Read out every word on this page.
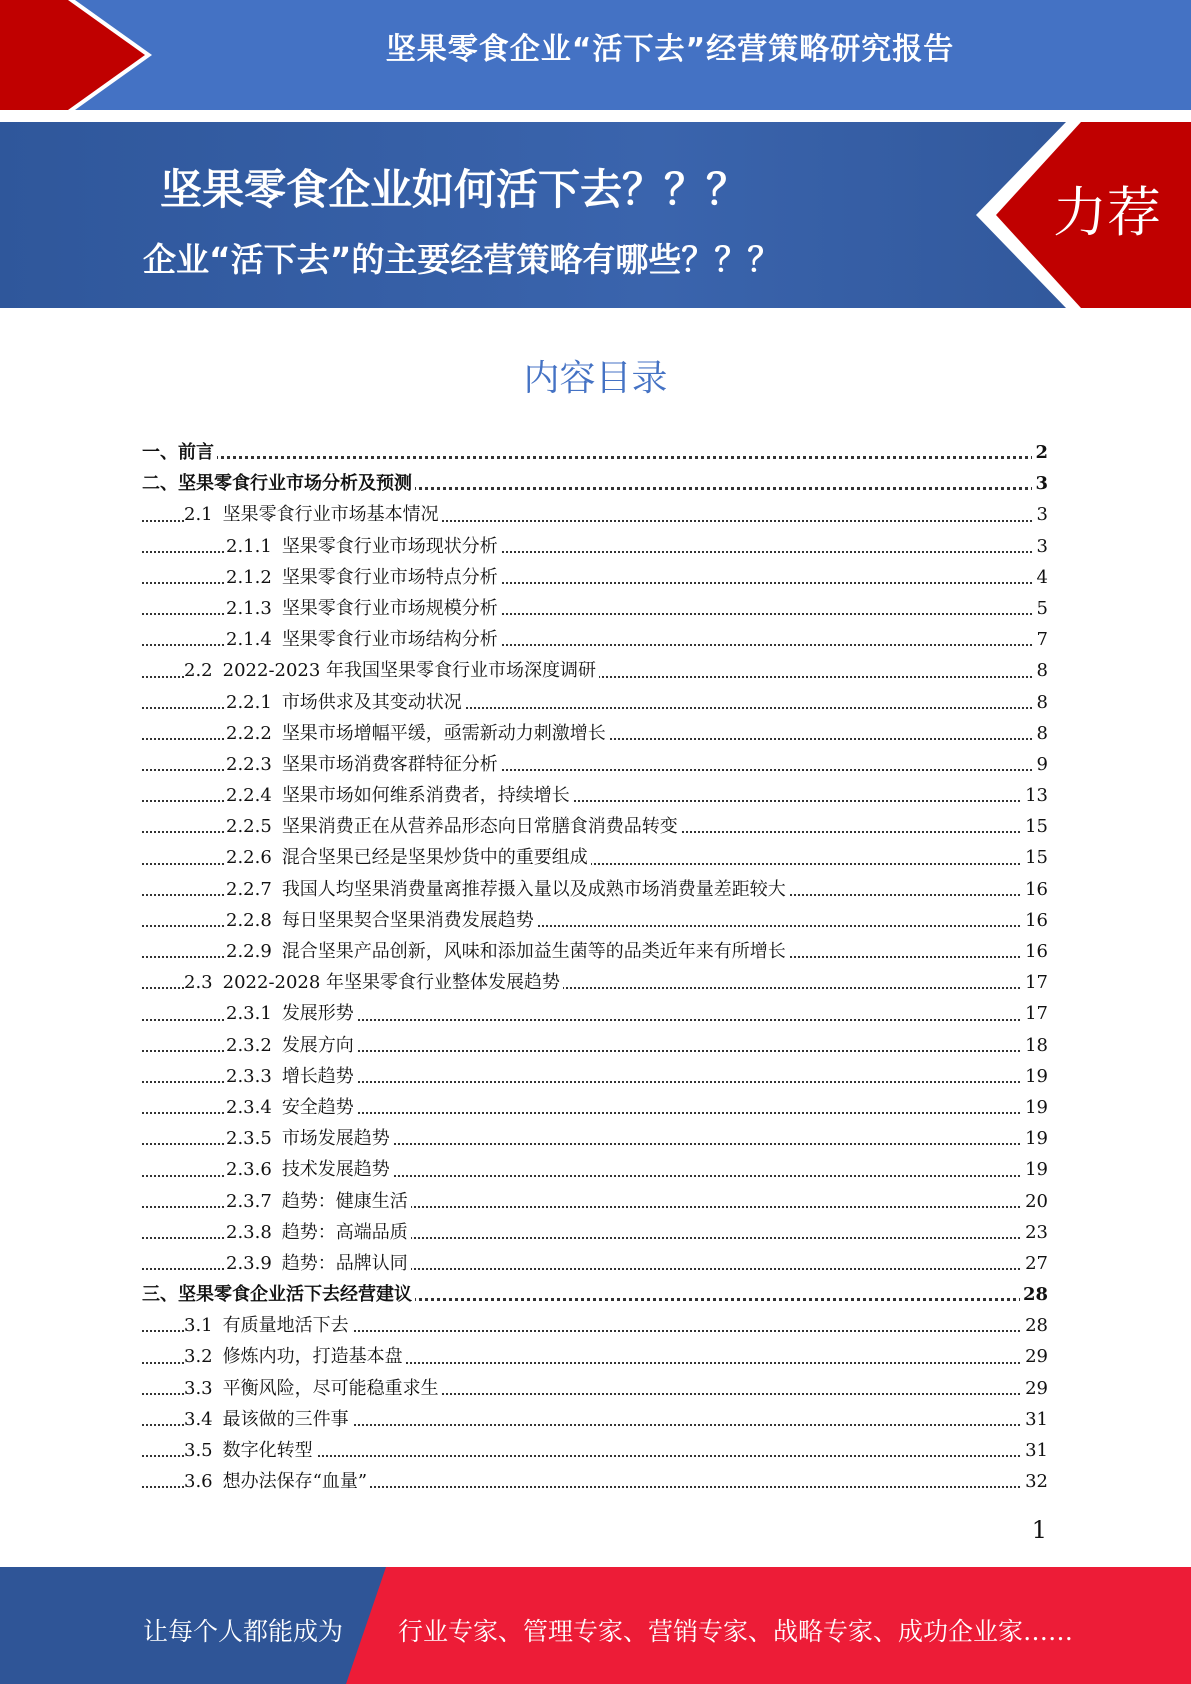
坚果零食企业“活下去”经营策略研究报告
坚果零食企业如何活下去？？？
企业“活下去”的主要经营策略有哪些？？？
力荐
内容目录
一、前言	2
二、坚果零食行业市场分析及预测	3
2.1 坚果零食行业市场基本情况	3
2.1.1 坚果零食行业市场现状分析	3
2.1.2 坚果零食行业市场特点分析	4
2.1.3 坚果零食行业市场规模分析	5
2.1.4 坚果零食行业市场结构分析	7
2.2 2022-2023 年我国坚果零食行业市场深度调研	8
2.2.1 市场供求及其变动状况	8
2.2.2 坚果市场增幅平缓，亟需新动力刺激增长	8
2.2.3 坚果市场消费客群特征分析	9
2.2.4 坚果市场如何维系消费者，持续增长	13
2.2.5 坚果消费正在从营养品形态向日常膳食消费品转变	15
2.2.6 混合坚果已经是坚果炒货中的重要组成	15
2.2.7 我国人均坚果消费量离推荐摄入量以及成熟市场消费量差距较大	16
2.2.8 每日坚果契合坚果消费发展趋势	16
2.2.9 混合坚果产品创新，风味和添加益生菌等的品类近年来有所增长	16
2.3 2022-2028 年坚果零食行业整体发展趋势	17
2.3.1 发展形势	17
2.3.2 发展方向	18
2.3.3 增长趋势	19
2.3.4 安全趋势	19
2.3.5 市场发展趋势	19
2.3.6 技术发展趋势	19
2.3.7 趋势：健康生活	20
2.3.8 趋势：高端品质	23
2.3.9 趋势：品牌认同	27
三、坚果零食企业活下去经营建议	28
3.1 有质量地活下去	28
3.2 修炼内功，打造基本盘	29
3.3 平衡风险，尽可能稳重求生	29
3.4 最该做的三件事	31
3.5 数字化转型	31
3.6 想办法保存“血量”	32
1
让每个人都能成为 行业专家、管理专家、营销专家、战略专家、成功企业家……
